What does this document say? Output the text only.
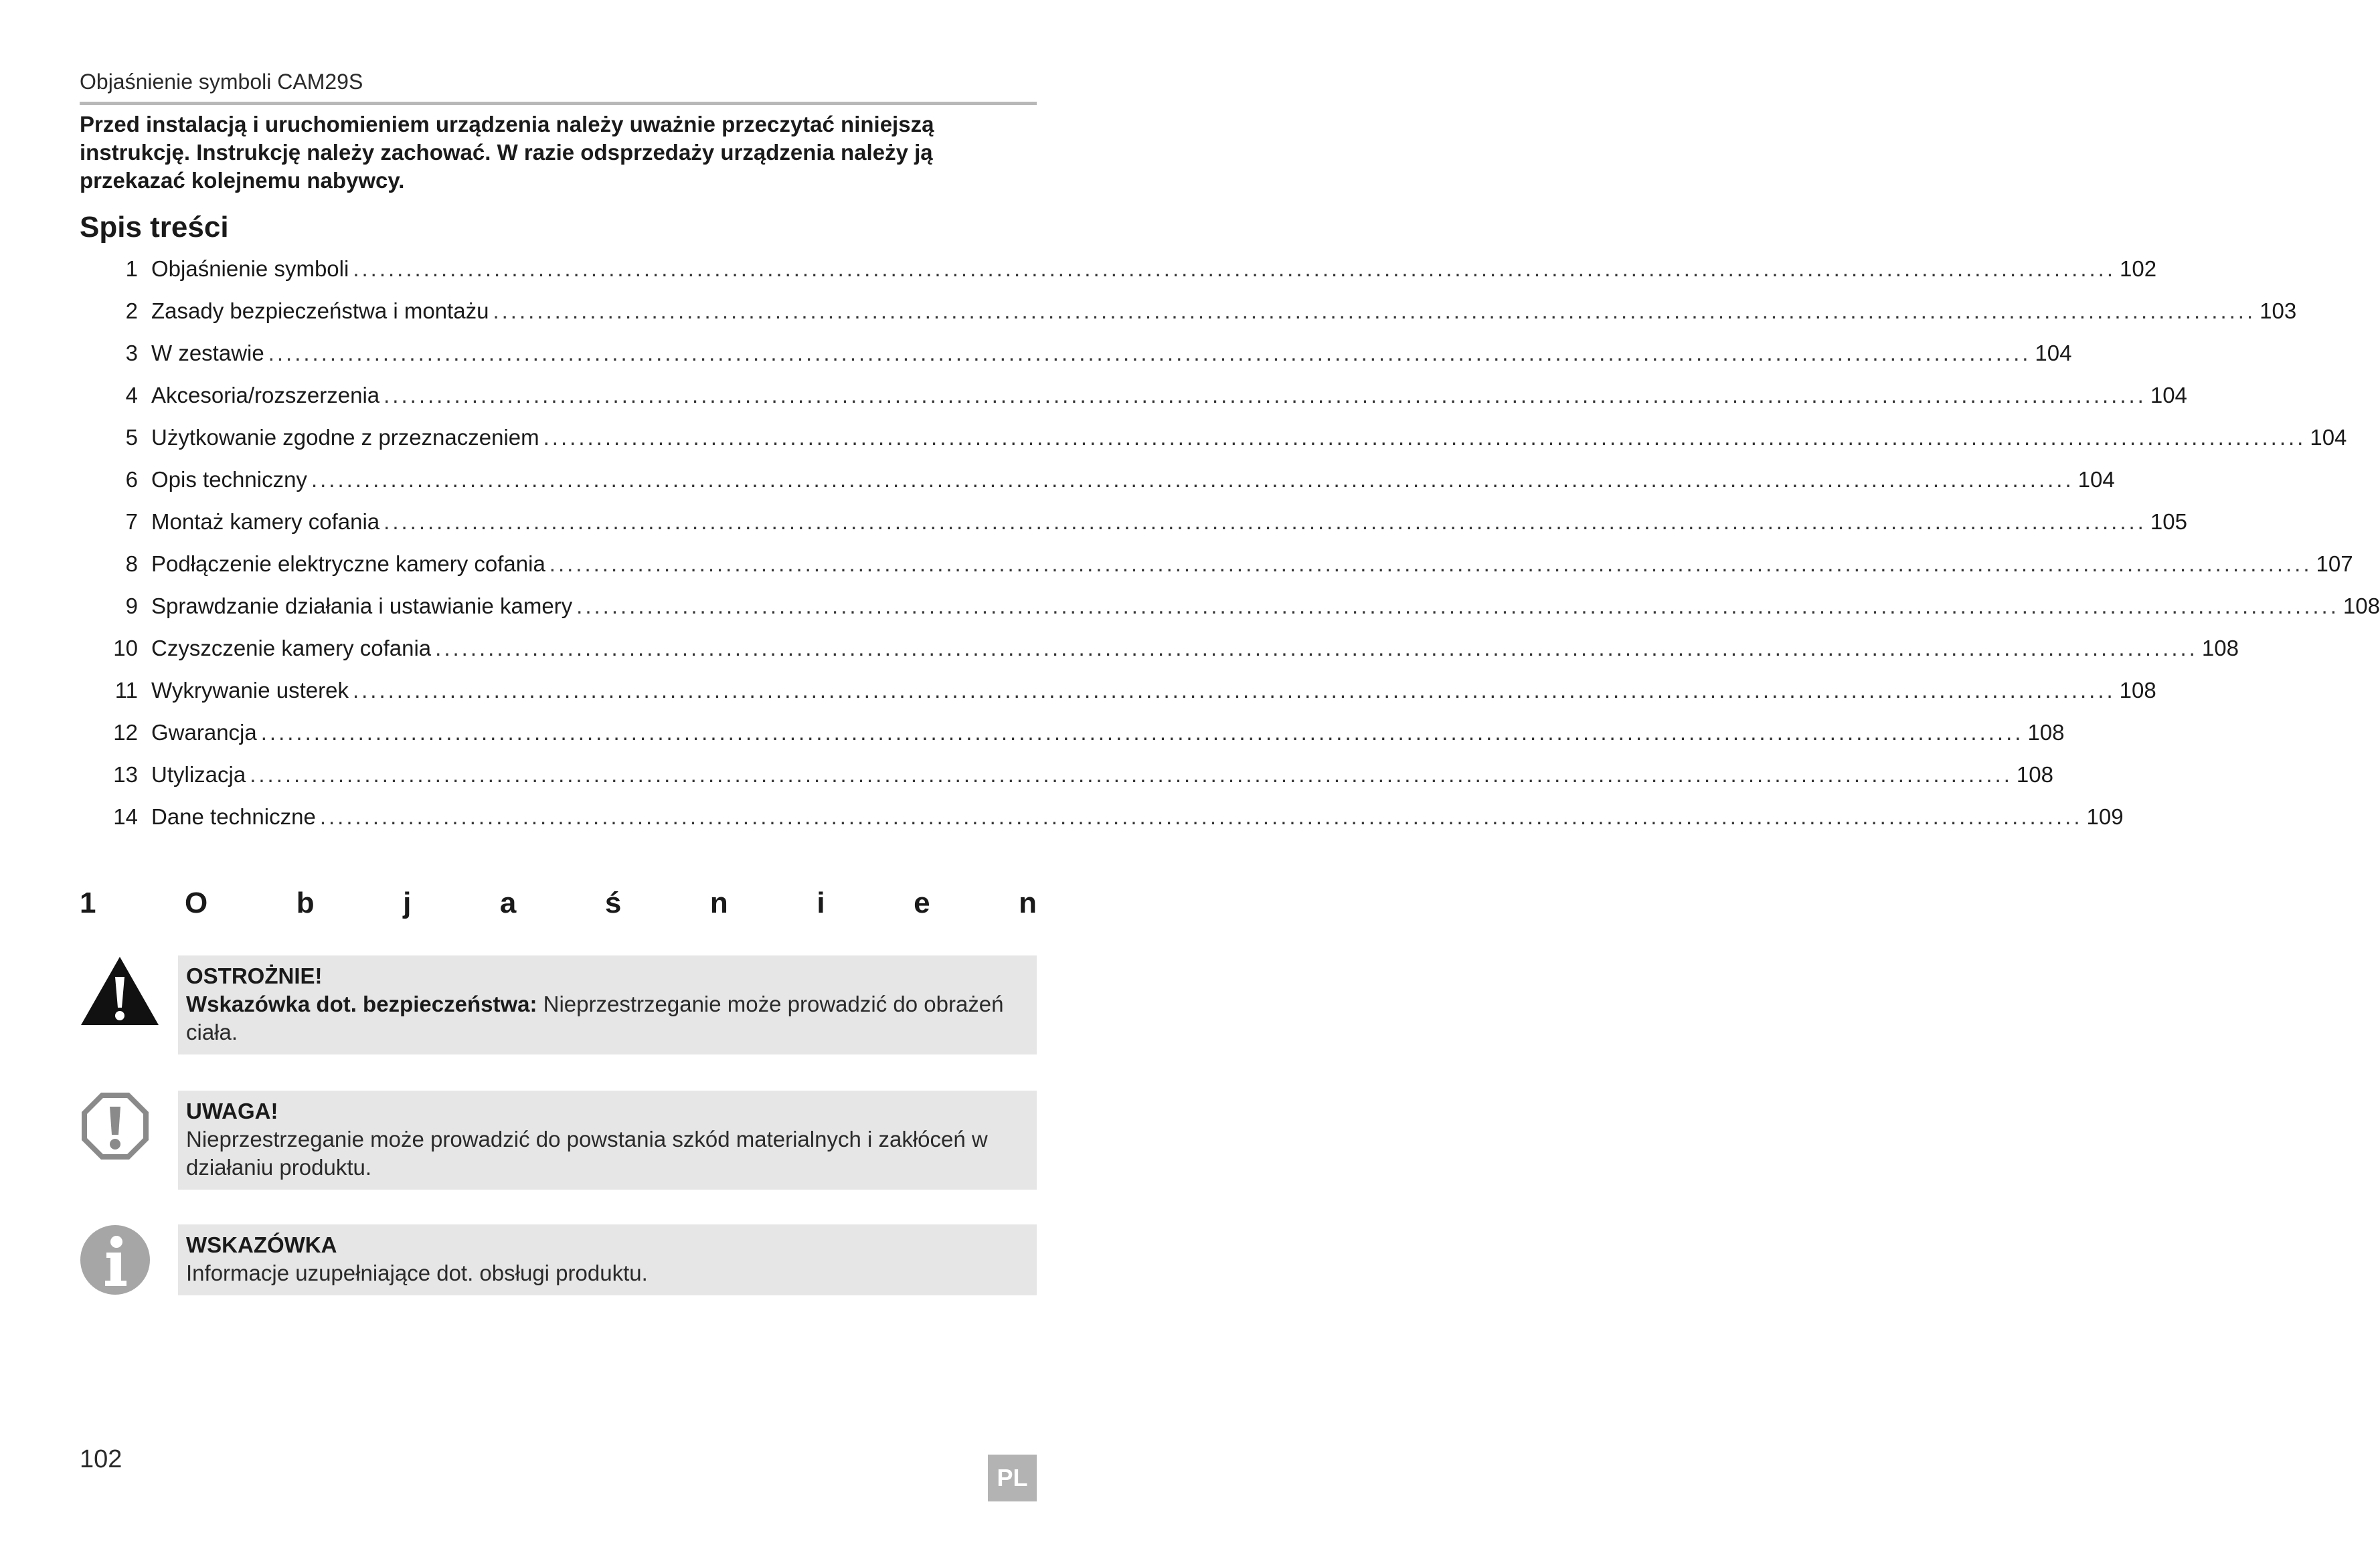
Objaśnienie symboli CAM29S
Przed instalacją i uruchomieniem urządzenia należy uważnie przeczytać niniejszą instrukcję. Instrukcję należy zachować. W razie odsprzedaży urządzenia należy ją przekazać kolejnemu nabywcy.
Spis treści
1 Objaśnienie symboli ........................................................................................................................................................................................................ 102
2 Zasady bezpieczeństwa i montażu ........................................................................................................................................................................................................ 103
3 W zestawie ........................................................................................................................................................................................................ 104
4 Akcesoria/rozszerzenia ........................................................................................................................................................................................................ 104
5 Użytkowanie zgodne z przeznaczeniem ........................................................................................................................................................................................................ 104
6 Opis techniczny ........................................................................................................................................................................................................ 104
7 Montaż kamery cofania ........................................................................................................................................................................................................ 105
8 Podłączenie elektryczne kamery cofania ........................................................................................................................................................................................................ 107
9 Sprawdzanie działania i ustawianie kamery ........................................................................................................................................................................................................ 108
10 Czyszczenie kamery cofania ........................................................................................................................................................................................................ 108
11 Wykrywanie usterek ........................................................................................................................................................................................................ 108
12 Gwarancja ........................................................................................................................................................................................................ 108
13 Utylizacja ........................................................................................................................................................................................................ 108
14 Dane techniczne ........................................................................................................................................................................................................ 109
1	O	b	j	a	ś	n	i	e	n
OSTROŻNIE!
Wskazówka dot. bezpieczeństwa: Nieprzestrzeganie może prowadzić do obrażeń ciała.
UWAGA!
Nieprzestrzeganie może prowadzić do powstania szkód materialnych i zakłóceń w działaniu produktu.
WSKAZÓWKA
Informacje uzupełniające dot. obsługi produktu.
102
PL
